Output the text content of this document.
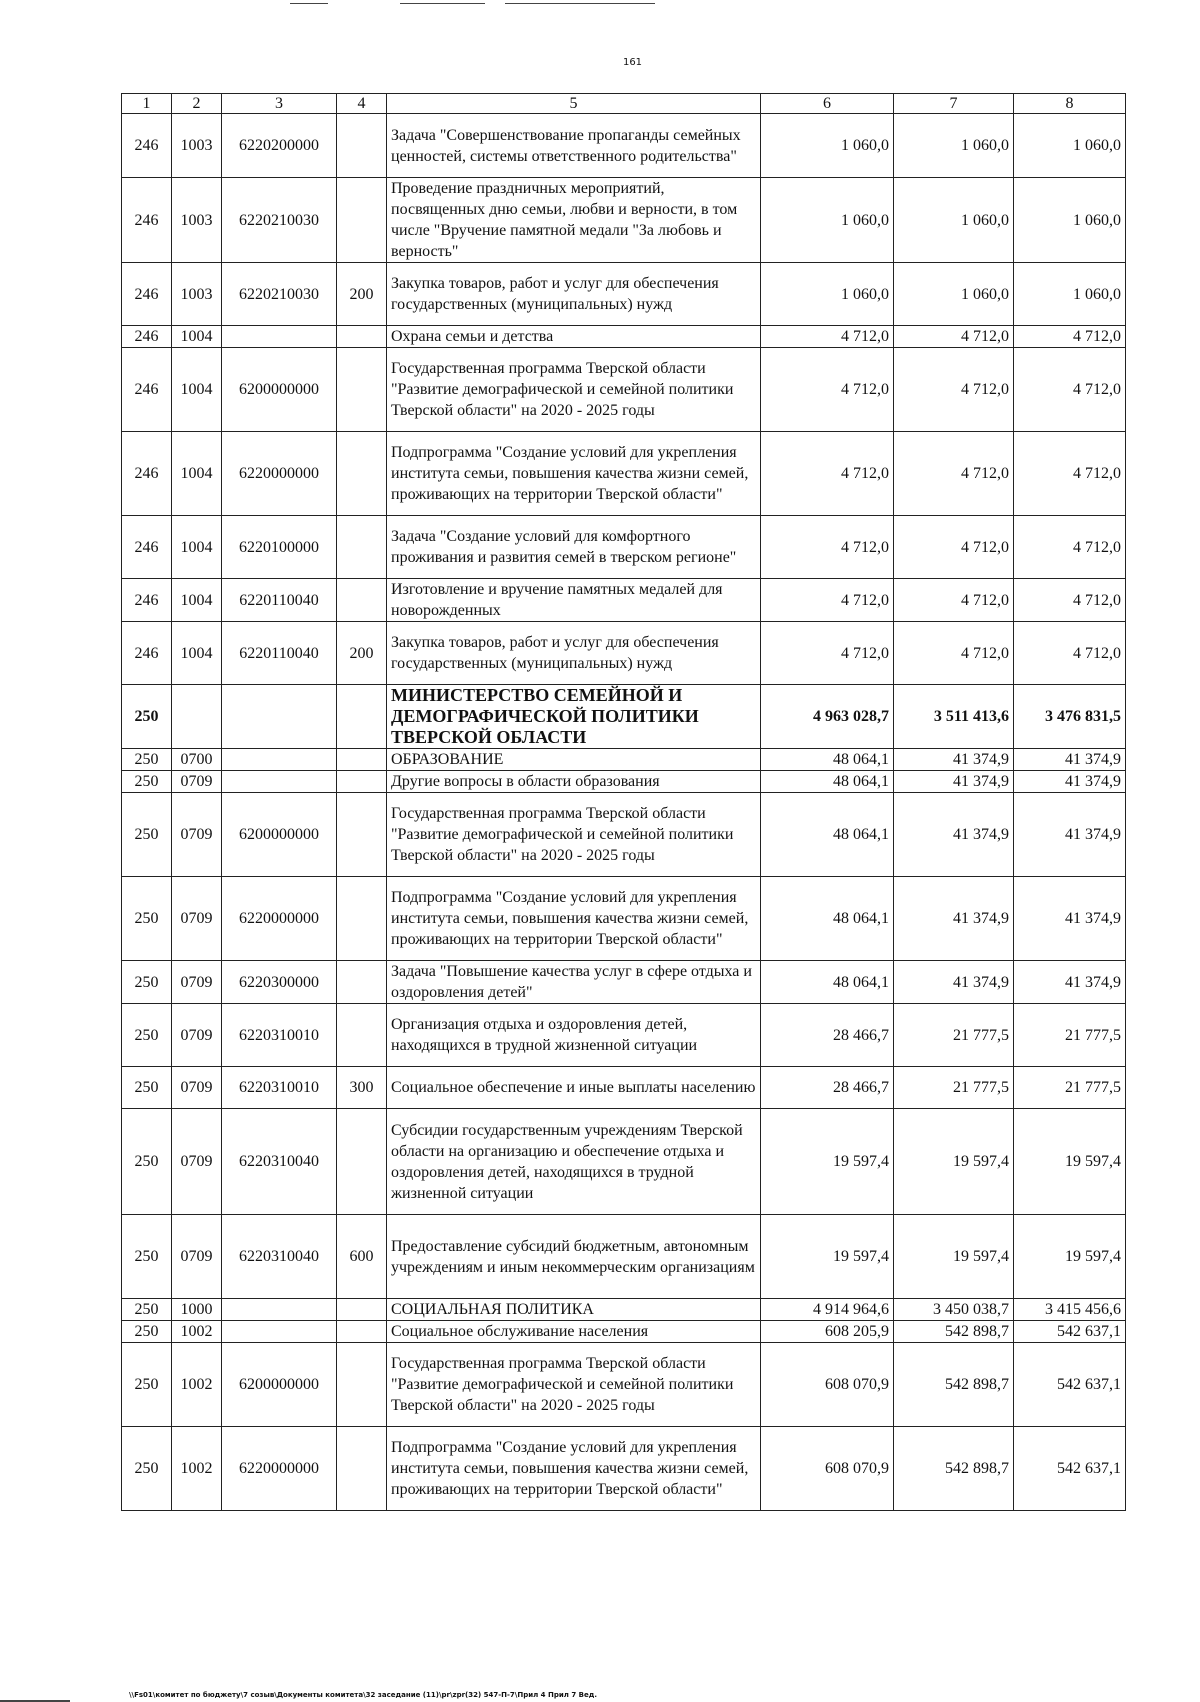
161
1	2	3	4	5	6	7	8
246	1003	6220200000		Задача "Совершенствование пропаганды семейных ценностей, системы ответственного родительства"	1 060,0	1 060,0	1 060,0
246	1003	6220210030		Проведение праздничных мероприятий, посвященных дню семьи, любви и верности, в том числе "Вручение памятной медали "За любовь и верность"	1 060,0	1 060,0	1 060,0
246	1003	6220210030	200	Закупка товаров, работ и услуг для обеспечения государственных (муниципальных) нужд	1 060,0	1 060,0	1 060,0
246	1004			Охрана семьи и детства	4 712,0	4 712,0	4 712,0
246	1004	6200000000		Государственная программа Тверской области "Развитие демографической и семейной политики Тверской области" на 2020 - 2025 годы	4 712,0	4 712,0	4 712,0
246	1004	6220000000		Подпрограмма "Создание условий для укрепления института семьи, повышения качества жизни семей, проживающих на территории Тверской области"	4 712,0	4 712,0	4 712,0
246	1004	6220100000		Задача "Создание условий для комфортного проживания и развития семей в тверском регионе"	4 712,0	4 712,0	4 712,0
246	1004	6220110040		Изготовление и вручение памятных медалей для новорожденных	4 712,0	4 712,0	4 712,0
246	1004	6220110040	200	Закупка товаров, работ и услуг для обеспечения государственных (муниципальных) нужд	4 712,0	4 712,0	4 712,0
250				МИНИСТЕРСТВО СЕМЕЙНОЙ И ДЕМОГРАФИЧЕСКОЙ ПОЛИТИКИ ТВЕРСКОЙ ОБЛАСТИ	4 963 028,7	3 511 413,6	3 476 831,5
250	0700			ОБРАЗОВАНИЕ	48 064,1	41 374,9	41 374,9
250	0709			Другие вопросы в области образования	48 064,1	41 374,9	41 374,9
250	0709	6200000000		Государственная программа Тверской области "Развитие демографической и семейной политики Тверской области" на 2020 - 2025 годы	48 064,1	41 374,9	41 374,9
250	0709	6220000000		Подпрограмма "Создание условий для укрепления института семьи, повышения качества жизни семей, проживающих на территории Тверской области"	48 064,1	41 374,9	41 374,9
250	0709	6220300000		Задача "Повышение качества услуг в сфере отдыха и оздоровления детей"	48 064,1	41 374,9	41 374,9
250	0709	6220310010		Организация отдыха и оздоровления детей, находящихся в трудной жизненной ситуации	28 466,7	21 777,5	21 777,5
250	0709	6220310010	300	Социальное обеспечение и иные выплаты населению	28 466,7	21 777,5	21 777,5
250	0709	6220310040		Субсидии государственным учреждениям Тверской области на организацию и обеспечение отдыха и оздоровления детей, находящихся в трудной жизненной ситуации	19 597,4	19 597,4	19 597,4
250	0709	6220310040	600	Предоставление субсидий бюджетным, автономным учреждениям и иным некоммерческим организациям	19 597,4	19 597,4	19 597,4
250	1000			СОЦИАЛЬНАЯ ПОЛИТИКА	4 914 964,6	3 450 038,7	3 415 456,6
250	1002			Социальное обслуживание населения	608 205,9	542 898,7	542 637,1
250	1002	6200000000		Государственная программа Тверской области "Развитие демографической и семейной политики Тверской области" на 2020 - 2025 годы	608 070,9	542 898,7	542 637,1
250	1002	6220000000		Подпрограмма "Создание условий для укрепления института семьи, повышения качества жизни семей, проживающих на территории Тверской области"	608 070,9	542 898,7	542 637,1
\\Fs01\комитет по бюджету\7 созыв\Документы комитета\32 заседание (11)\pr\zpr(32) 547-П-7\Прил 4 Прил 7 Вед.
